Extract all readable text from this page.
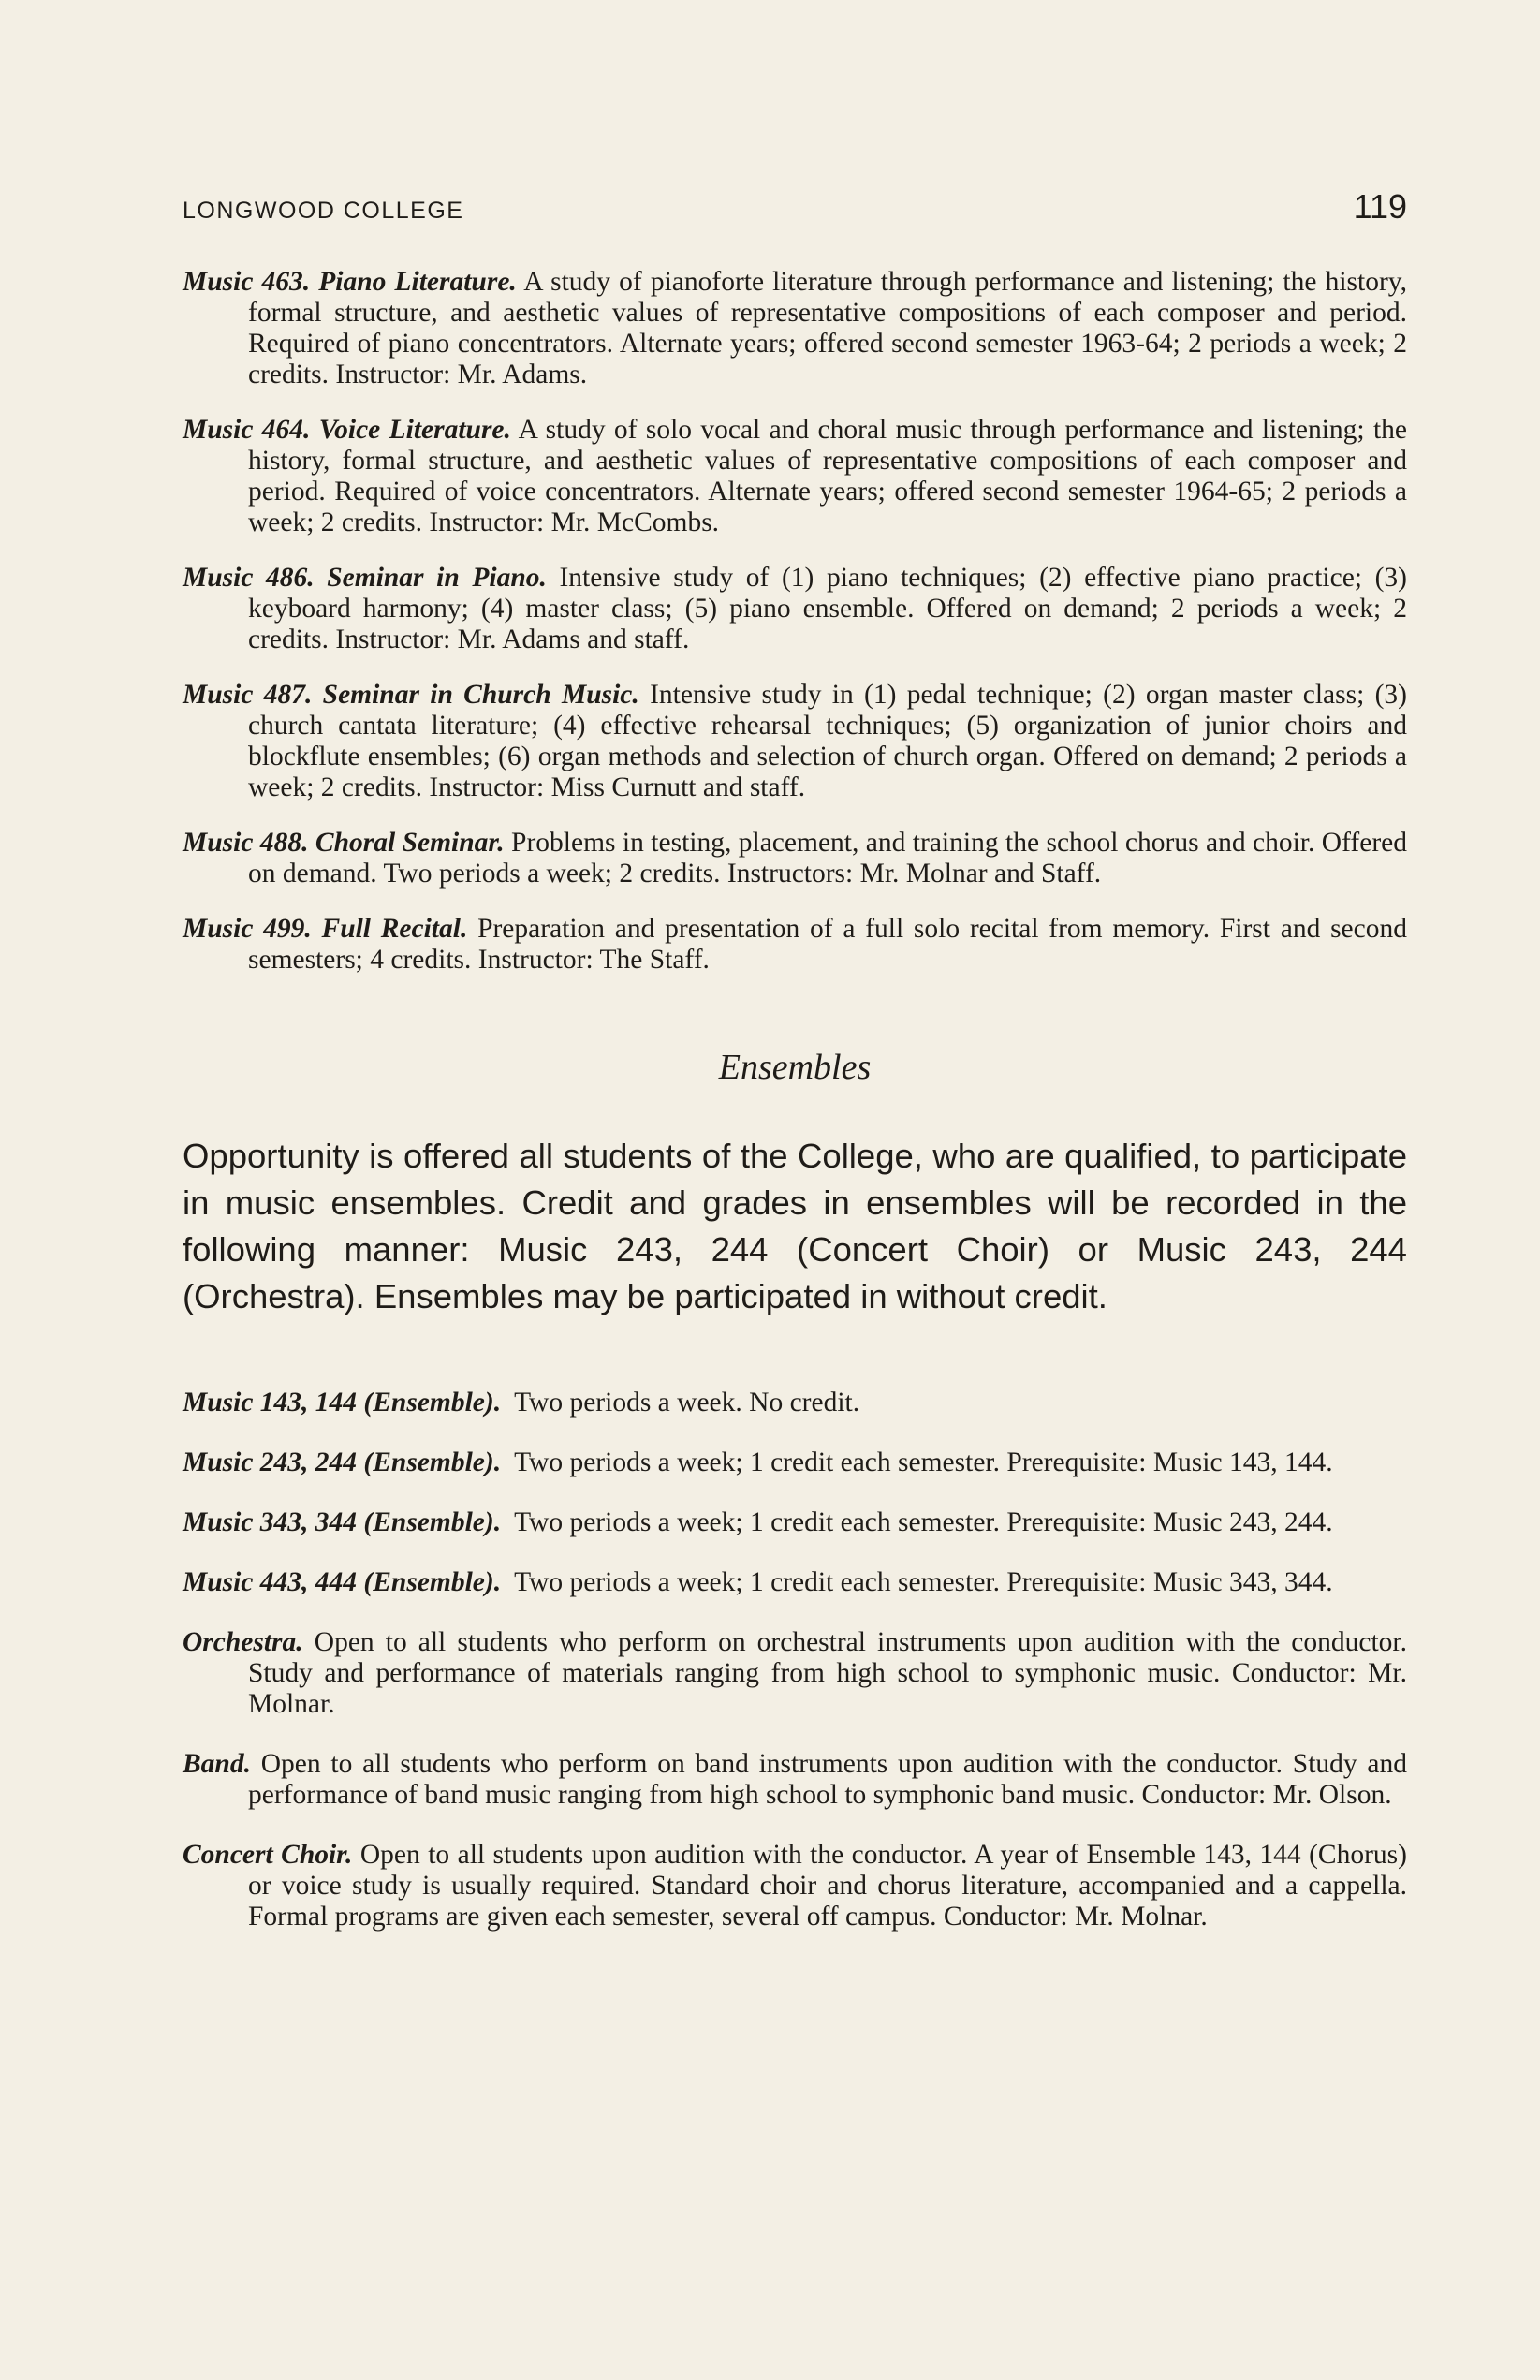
LONGWOOD COLLEGE	119

Music 463. Piano Literature. A study of pianoforte literature through performance and listening; the history, formal structure, and aesthetic values of representative compositions of each composer and period. Required of piano concentrators. Alternate years; offered second semester 1963-64; 2 periods a week; 2 credits. Instructor: Mr. Adams.

Music 464. Voice Literature. A study of solo vocal and choral music through performance and listening; the history, formal structure, and aesthetic values of representative compositions of each composer and period. Required of voice concentrators. Alternate years; offered second semester 1964-65; 2 periods a week; 2 credits. Instructor: Mr. McCombs.

Music 486. Seminar in Piano. Intensive study of (1) piano techniques; (2) effective piano practice; (3) keyboard harmony; (4) master class; (5) piano ensemble. Offered on demand; 2 periods a week; 2 credits. Instructor: Mr. Adams and staff.

Music 487. Seminar in Church Music. Intensive study in (1) pedal technique; (2) organ master class; (3) church cantata literature; (4) effective rehearsal techniques; (5) organization of junior choirs and blockflute ensembles; (6) organ methods and selection of church organ. Offered on demand; 2 periods a week; 2 credits. Instructor: Miss Curnutt and staff.

Music 488. Choral Seminar. Problems in testing, placement, and training the school chorus and choir. Offered on demand. Two periods a week; 2 credits. Instructors: Mr. Molnar and Staff.

Music 499. Full Recital. Preparation and presentation of a full solo recital from memory. First and second semesters; 4 credits. Instructor: The Staff.

Ensembles

Opportunity is offered all students of the College, who are qualified, to participate in music ensembles. Credit and grades in ensembles will be recorded in the following manner: Music 243, 244 (Concert Choir) or Music 243, 244 (Orchestra). Ensembles may be participated in without credit.

Music 143, 144 (Ensemble). Two periods a week. No credit.

Music 243, 244 (Ensemble). Two periods a week; 1 credit each semester. Prerequisite: Music 143, 144.

Music 343, 344 (Ensemble). Two periods a week; 1 credit each semester. Prerequisite: Music 243, 244.

Music 443, 444 (Ensemble). Two periods a week; 1 credit each semester. Prerequisite: Music 343, 344.

Orchestra. Open to all students who perform on orchestral instruments upon audition with the conductor. Study and performance of materials ranging from high school to symphonic music. Conductor: Mr. Molnar.

Band. Open to all students who perform on band instruments upon audition with the conductor. Study and performance of band music ranging from high school to symphonic band music. Conductor: Mr. Olson.

Concert Choir. Open to all students upon audition with the conductor. A year of Ensemble 143, 144 (Chorus) or voice study is usually required. Standard choir and chorus literature, accompanied and a cappella. Formal programs are given each semester, several off campus. Conductor: Mr. Molnar.
